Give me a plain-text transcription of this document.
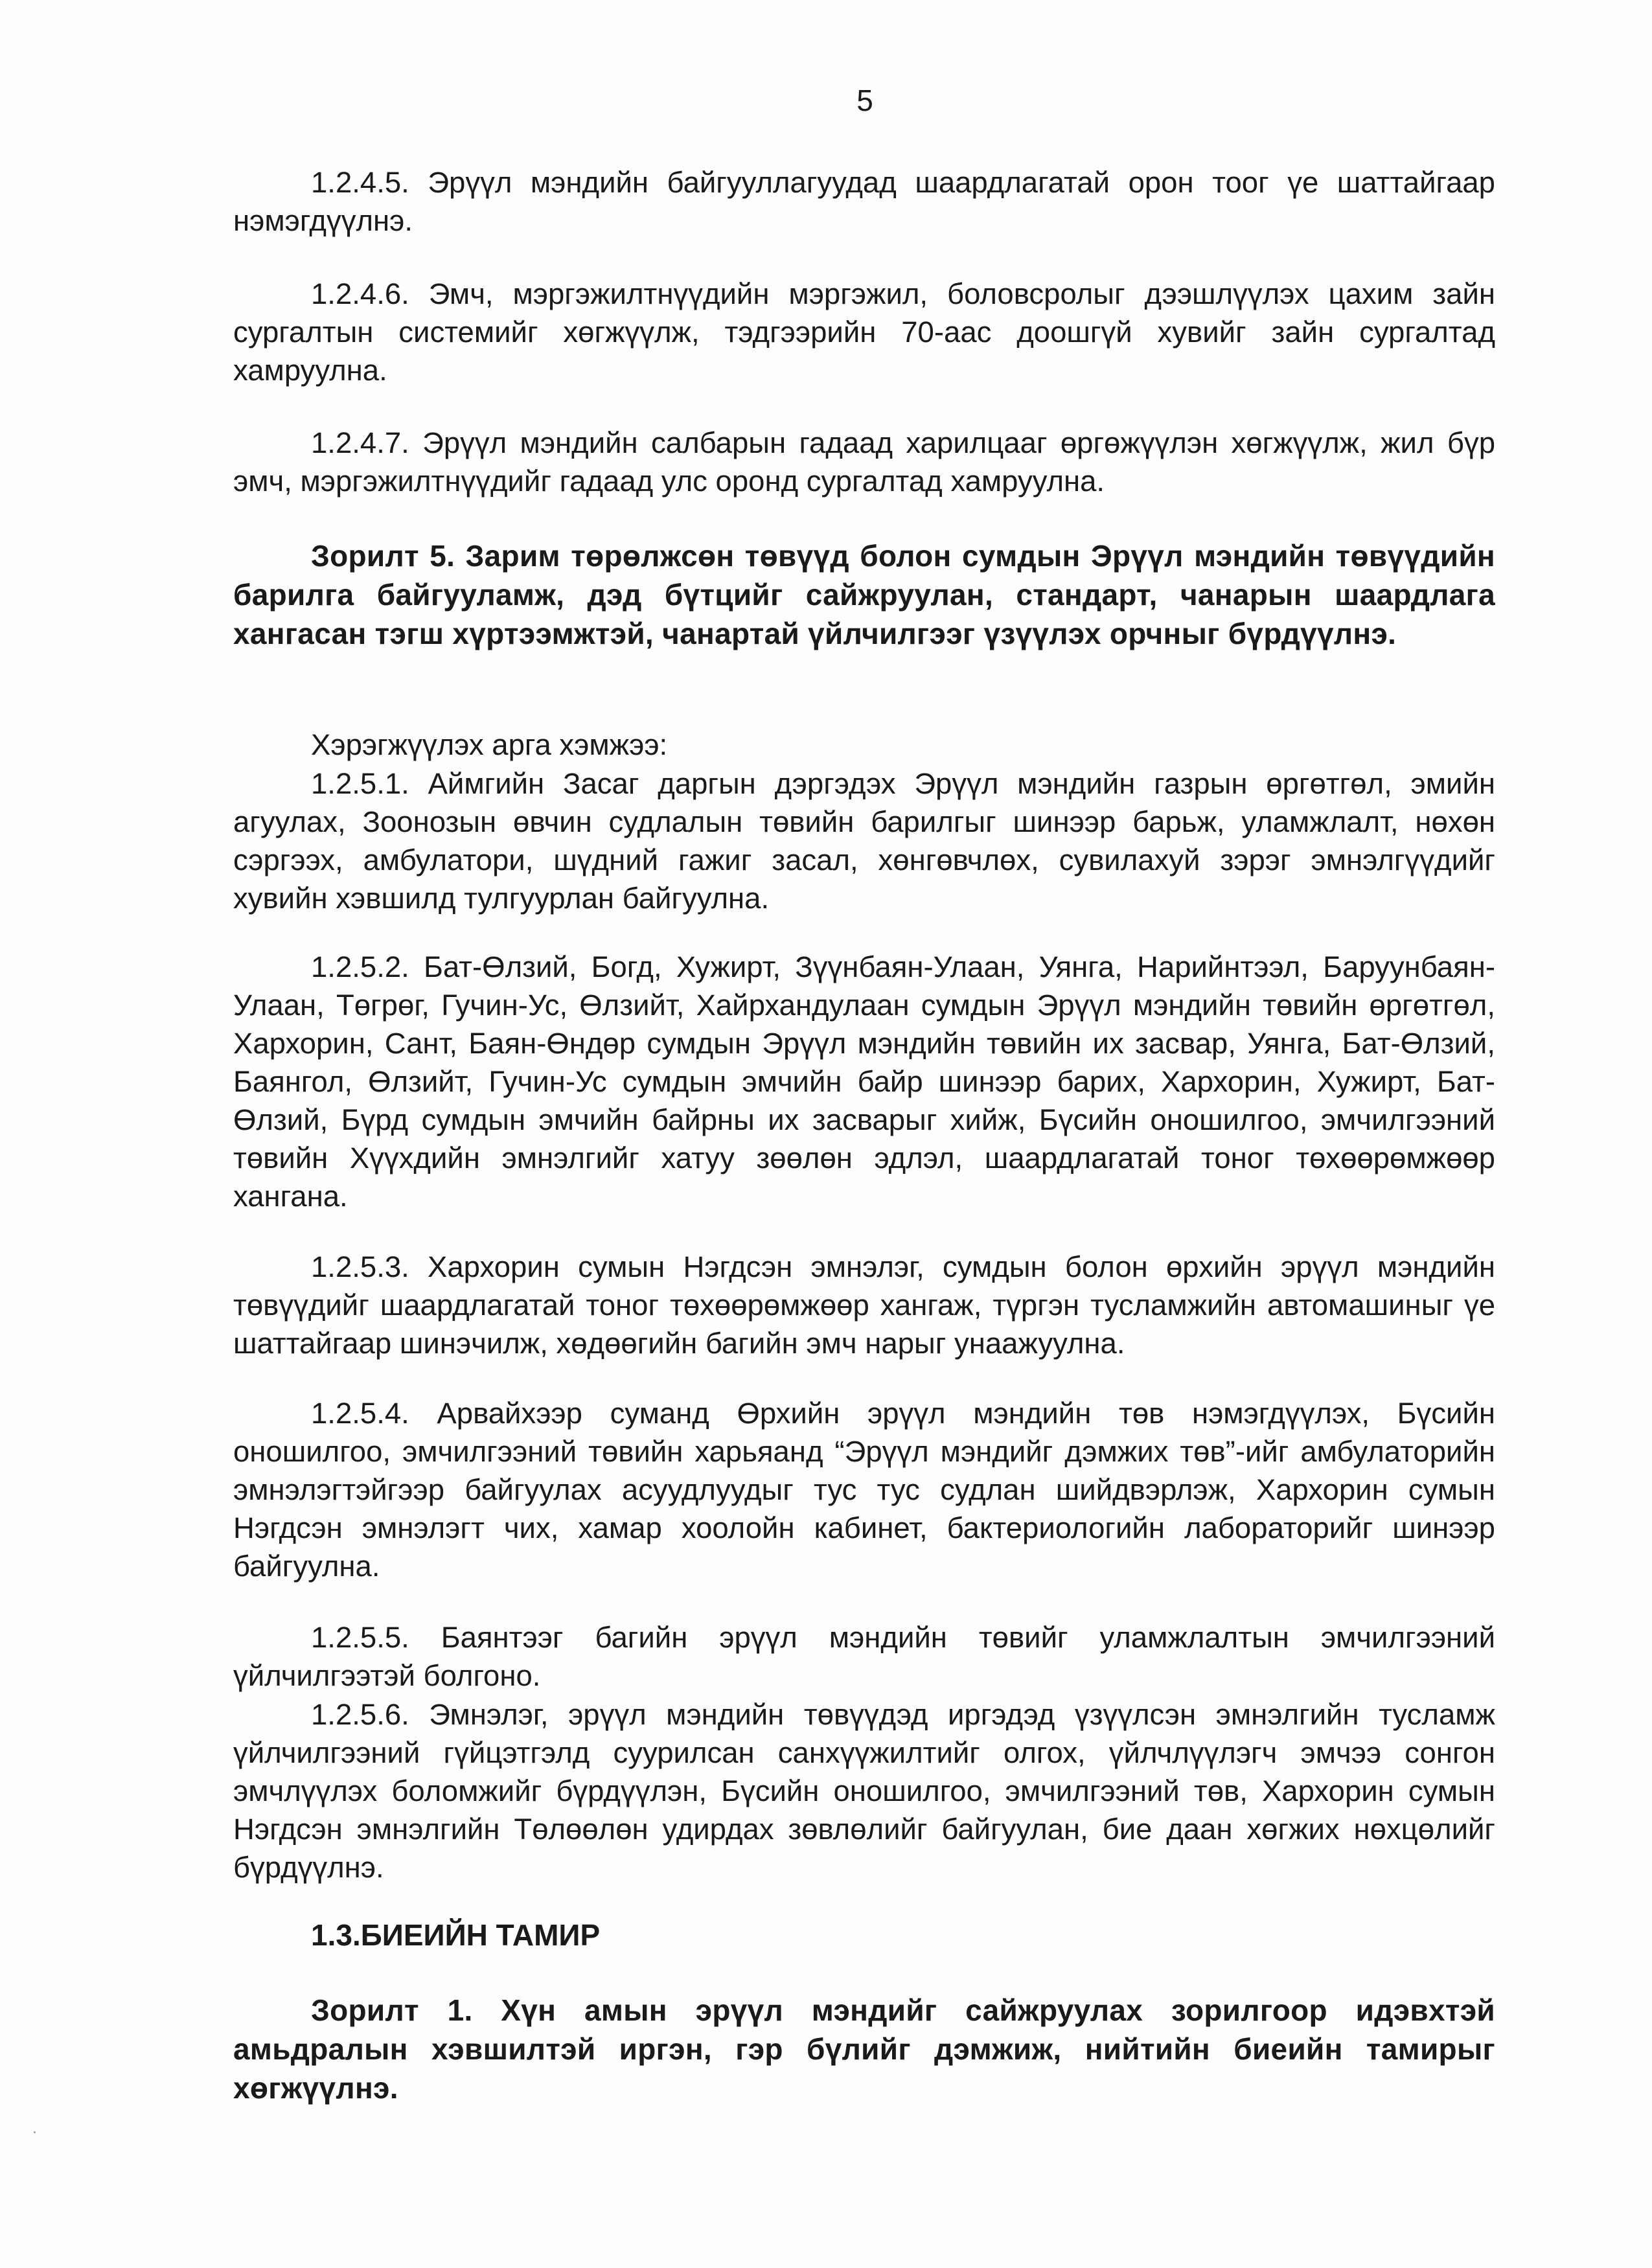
5

1.2.4.5. Эрүүл мэндийн байгууллагуудад шаардлагатай орон тоог үе шаттайгаар нэмэгдүүлнэ.

1.2.4.6. Эмч, мэргэжилтнүүдийн мэргэжил, боловсролыг дээшлүүлэх цахим зайн сургалтын системийг хөгжүүлж, тэдгээрийн 70-аас доошгүй хувийг зайн сургалтад хамруулна.

1.2.4.7. Эрүүл мэндийн салбарын гадаад харилцааг өргөжүүлэн хөгжүүлж, жил бүр эмч, мэргэжилтнүүдийг гадаад улс оронд сургалтад хамруулна.

Зорилт 5. Зарим төрөлжсөн төвүүд болон сумдын Эрүүл мэндийн төвүүдийн барилга байгууламж, дэд бүтцийг сайжруулан, стандарт, чанарын шаардлага хангасан тэгш хүртээмжтэй, чанартай үйлчилгээг үзүүлэх орчныг бүрдүүлнэ.

Хэрэгжүүлэх арга хэмжээ:

1.2.5.1. Аймгийн Засаг даргын дэргэдэх Эрүүл мэндийн газрын өргөтгөл, эмийн агуулах, Зоонозын өвчин судлалын төвийн барилгыг шинээр барьж, уламжлалт, нөхөн сэргээх, амбулатори, шүдний гажиг засал, хөнгөвчлөх, сувилахуй зэрэг эмнэлгүүдийг хувийн хэвшилд тулгуурлан байгуулна.

1.2.5.2. Бат-Өлзий, Богд, Хужирт, Зүүнбаян-Улаан, Уянга, Нарийнтээл, Баруунбаян-Улаан, Төгрөг, Гучин-Ус, Өлзийт, Хайрхандулаан сумдын Эрүүл мэндийн төвийн өргөтгөл, Хархорин, Сант, Баян-Өндөр сумдын Эрүүл мэндийн төвийн их засвар, Уянга, Бат-Өлзий, Баянгол, Өлзийт, Гучин-Ус сумдын эмчийн байр шинээр барих, Хархорин, Хужирт, Бат-Өлзий, Бүрд сумдын эмчийн байрны их засварыг хийж, Бүсийн оношилгоо, эмчилгээний төвийн Хүүхдийн эмнэлгийг хатуу зөөлөн эдлэл, шаардлагатай тоног төхөөрөмжөөр хангана.

1.2.5.3. Хархорин сумын Нэгдсэн эмнэлэг, сумдын болон өрхийн эрүүл мэндийн төвүүдийг шаардлагатай тоног төхөөрөмжөөр хангаж, түргэн тусламжийн автомашиныг үе шаттайгаар шинэчилж, хөдөөгийн багийн эмч нарыг унаажуулна.

1.2.5.4. Арвайхээр суманд Өрхийн эрүүл мэндийн төв нэмэгдүүлэх, Бүсийн оношилгоо, эмчилгээний төвийн харьяанд “Эрүүл мэндийг дэмжих төв”-ийг амбулаторийн эмнэлэгтэйгээр байгуулах асуудлуудыг тус тус судлан шийдвэрлэж, Хархорин сумын Нэгдсэн эмнэлэгт чих, хамар хоолойн кабинет, бактериологийн лабораторийг шинээр байгуулна.

1.2.5.5. Баянтээг багийн эрүүл мэндийн төвийг уламжлалтын эмчилгээний үйлчилгээтэй болгоно.

1.2.5.6. Эмнэлэг, эрүүл мэндийн төвүүдэд иргэдэд үзүүлсэн эмнэлгийн тусламж үйлчилгээний гүйцэтгэлд суурилсан санхүүжилтийг олгох, үйлчлүүлэгч эмчээ сонгон эмчлүүлэх боломжийг бүрдүүлэн, Бүсийн оношилгоо, эмчилгээний төв, Хархорин сумын Нэгдсэн эмнэлгийн Төлөөлөн удирдах зөвлөлийг байгуулан, бие даан хөгжих нөхцөлийг бүрдүүлнэ.

1.3.БИЕИЙН ТАМИР

Зорилт 1. Хүн амын эрүүл мэндийг сайжруулах зорилгоор идэвхтэй амьдралын хэвшилтэй иргэн, гэр бүлийг дэмжиж, нийтийн биеийн тамирыг хөгжүүлнэ.
